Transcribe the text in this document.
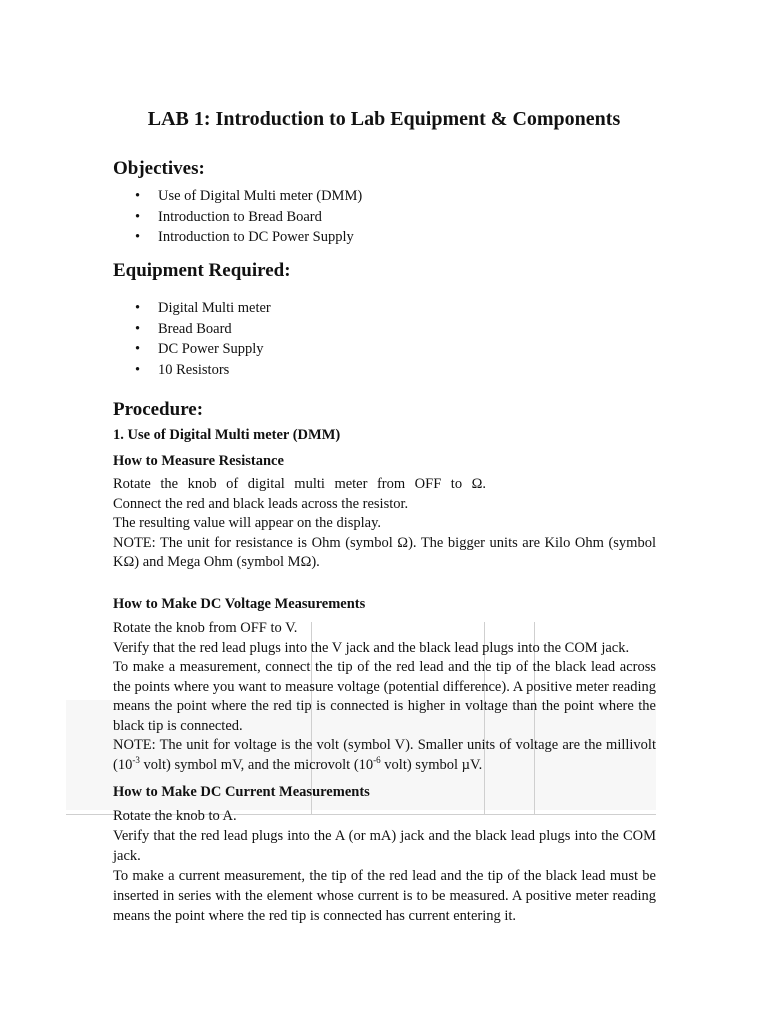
LAB 1: Introduction to Lab Equipment & Components
Objectives:
• Use of Digital Multi meter (DMM)
• Introduction to Bread Board
• Introduction to DC Power Supply
Equipment Required:
• Digital Multi meter
• Bread Board
• DC Power Supply
• 10 Resistors
Procedure:
1. Use of Digital Multi meter (DMM)
How to Measure Resistance

Rotate the knob of digital multi meter from OFF to Ω.

Connect the red and black leads across the resistor.

The resulting value will appear on the display.

NOTE: The unit for resistance is Ohm (symbol Ω). The bigger units are Kilo Ohm (symbol KΩ) and Mega Ohm (symbol MΩ).

How to Make DC Voltage Measurements

Rotate the knob from OFF to V.

Verify that the red lead plugs into the V jack and the black lead plugs into the COM jack.

To make a measurement, connect the tip of the red lead and the tip of the black lead across the points where you want to measure voltage (potential difference). A positive meter reading means the point where the red tip is connected is higher in voltage than the point where the black tip is connected.

NOTE: The unit for voltage is the volt (symbol V). Smaller units of voltage are the millivolt ($10^{-3}$ volt) symbol mV, and the microvolt ($10^{-6}$ volt) symbol µV.

How to Make DC Current Measurements

Rotate the knob to A.

Verify that the red lead plugs into the A (or mA) jack and the black lead plugs into the COM jack.

To make a current measurement, the tip of the red lead and the tip of the black lead must be inserted in series with the element whose current is to be measured. A positive meter reading means the point where the red tip is connected has current entering it.
